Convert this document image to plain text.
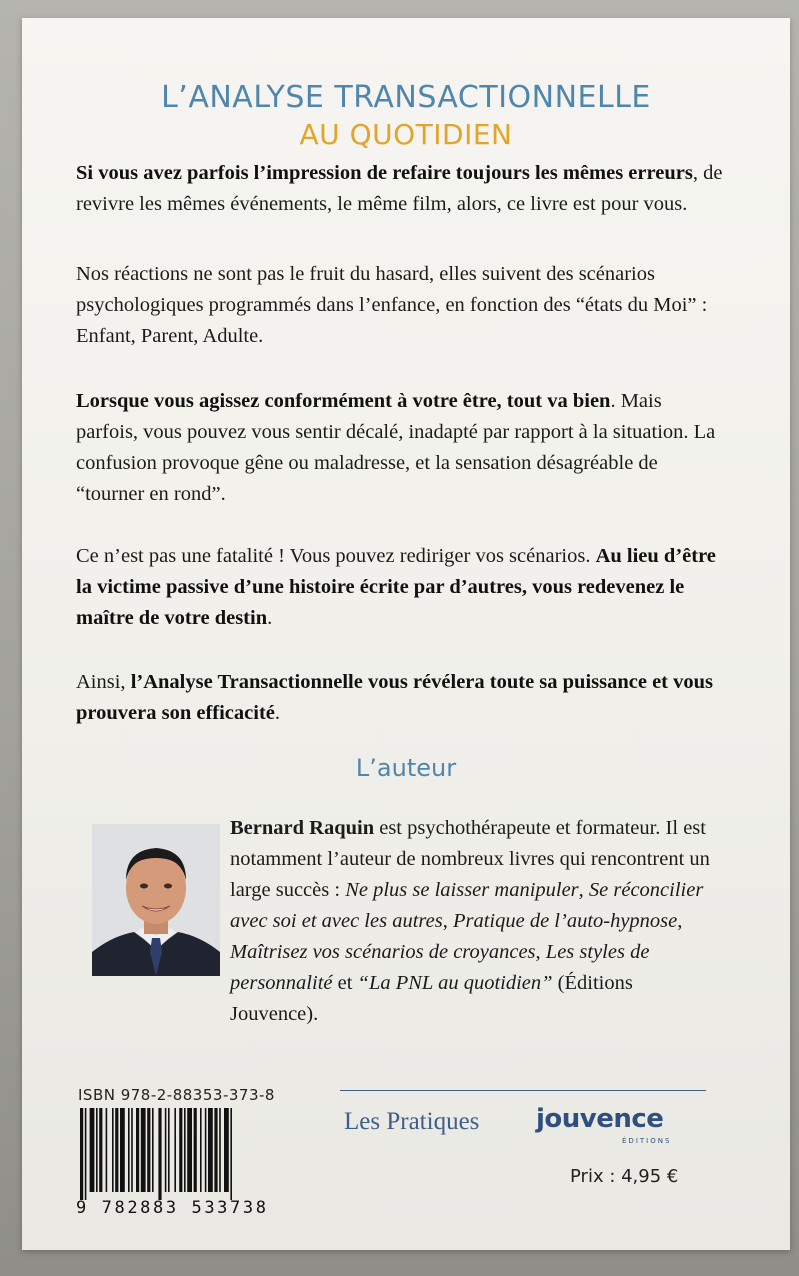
L’ANALYSE TRANSACTIONNELLE
AU QUOTIDIEN

Si vous avez parfois l’impression de refaire toujours les mêmes erreurs, de revivre les mêmes événements, le même film, alors, ce livre est pour vous.

Nos réactions ne sont pas le fruit du hasard, elles suivent des scénarios psychologiques programmés dans l’enfance, en fonction des “états du Moi” : Enfant, Parent, Adulte.

Lorsque vous agissez conformément à votre être, tout va bien. Mais parfois, vous pouvez vous sentir décalé, inadapté par rapport à la situation. La confusion provoque gêne ou maladresse, et la sensation désagréable de “tourner en rond”.

Ce n’est pas une fatalité ! Vous pouvez rediriger vos scénarios. Au lieu d’être la victime passive d’une histoire écrite par d’autres, vous redevenez le maître de votre destin.

Ainsi, l’Analyse Transactionnelle vous révélera toute sa puissance et vous prouvera son efficacité.

L’auteur
Bernard Raquin est psychothérapeute et formateur. Il est notamment l’auteur de nombreux livres qui rencontrent un large succès : Ne plus se laisser manipuler, Se réconcilier avec soi et avec les autres, Pratique de l’auto-hypnose, Maîtrisez vos scénarios de croyances, Les styles de personnalité et “La PNL au quotidien” (Éditions Jouvence).
ISBN 978-2-88353-373-8
9 782883 533738
Les Pratiques jouvence
ÉDITIONS
Prix : 4,95 €
